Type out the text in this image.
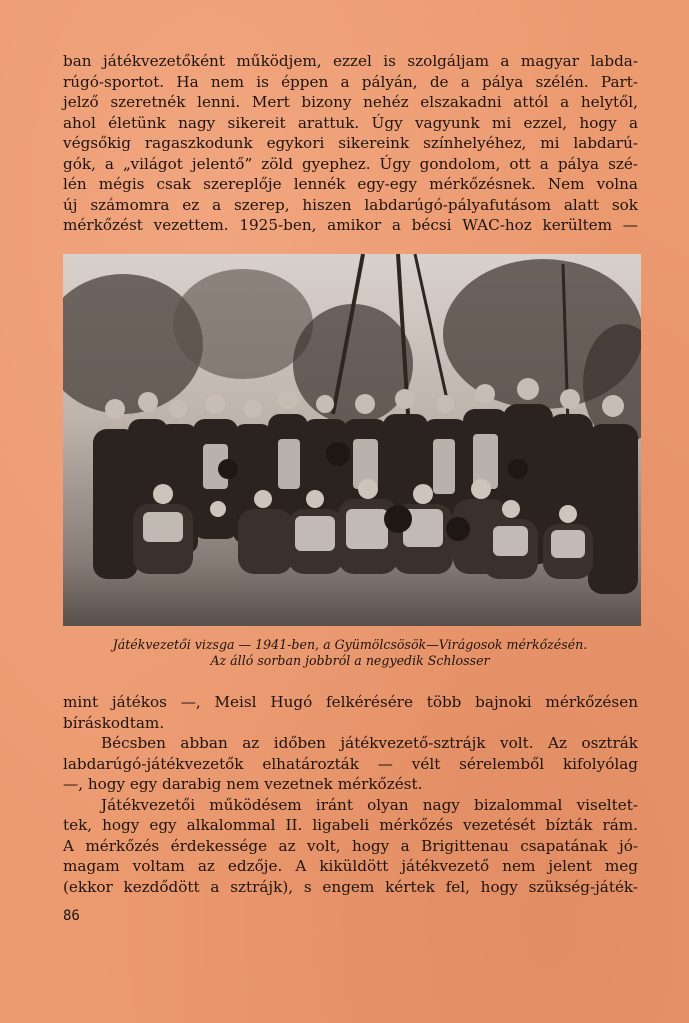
ban játékvezetőként működjem, ezzel is szolgáljam a magyar labda-
rúgó-sportot. Ha nem is éppen a pályán, de a pálya szélén. Part-
jelző szeretnék lenni. Mert bizony nehéz elszakadni attól a helytől,
ahol életünk nagy sikereit arattuk. Úgy vagyunk mi ezzel, hogy a
végsőkig ragaszkodunk egykori sikereink színhelyéhez, mi labdarú-
gók, a „világot jelentő” zöld gyephez. Úgy gondolom, ott a pálya szé-
lén mégis csak szereplője lennék egy-egy mérkőzésnek. Nem volna
új számomra ez a szerep, hiszen labdarúgó-pályafutásom alatt sok
mérkőzést vezettem. 1925-ben, amikor a bécsi WAC-hoz kerültem —
Játékvezetői vizsga — 1941-ben, a Gyümölcsösök—Virágosok mérkőzésén.
Az álló sorban jobbról a negyedik Schlosser
mint játékos —, Meisl Hugó felkérésére több bajnoki mérkőzésen
bíráskodtam.
Bécsben abban az időben játékvezető-sztrájk volt. Az osztrák
labdarúgó-játékvezetők elhatározták — vélt sérelemből kifolyólag
—, hogy egy darabig nem vezetnek mérkőzést.
Játékvezetői működésem iránt olyan nagy bizalommal viseltet-
tek, hogy egy alkalommal II. ligabeli mérkőzés vezetését bízták rám.
A mérkőzés érdekessége az volt, hogy a Brigittenau csapatának jó-
magam voltam az edzője. A kiküldött játékvezető nem jelent meg
(ekkor kezdődött a sztrájk), s engem kértek fel, hogy szükség-játék-
86
